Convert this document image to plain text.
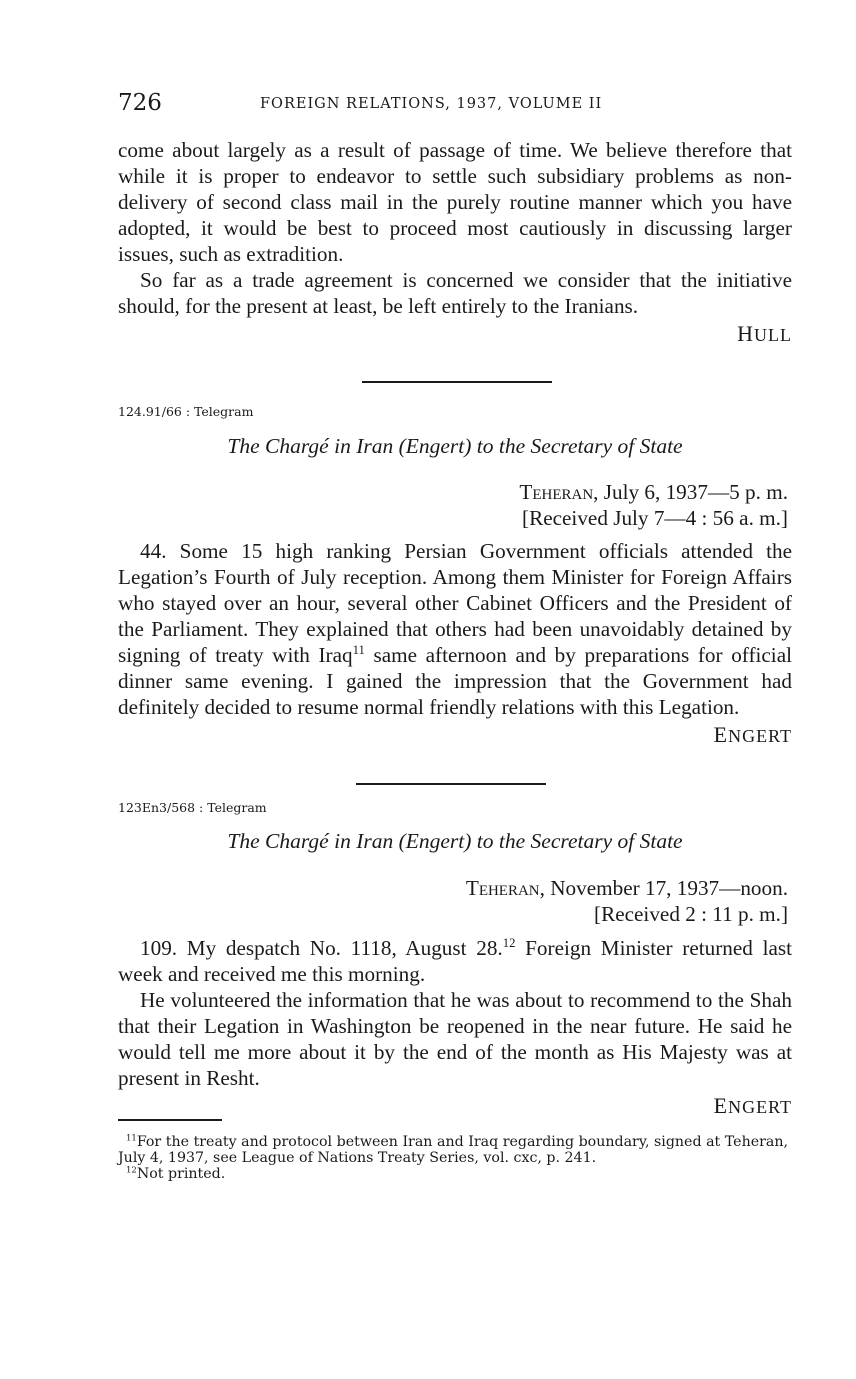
726	FOREIGN RELATIONS, 1937, VOLUME II

come about largely as a result of passage of time. We believe therefore that while it is proper to endeavor to settle such subsidiary problems as non-delivery of second class mail in the purely routine manner which you have adopted, it would be best to proceed most cautiously in discussing larger issues, such as extradition.

So far as a trade agreement is concerned we consider that the initiative should, for the present at least, be left entirely to the Iranians.

HULL
124.91/66 : Telegram
The Chargé in Iran (Engert) to the Secretary of State
Teheran, July 6, 1937—5 p. m.
[Received July 7—4 : 56 a. m.]

44. Some 15 high ranking Persian Government officials attended the Legation’s Fourth of July reception. Among them Minister for Foreign Affairs who stayed over an hour, several other Cabinet Officers and the President of the Parliament. They explained that others had been unavoidably detained by signing of treaty with Iraq$^{11}$ same afternoon and by preparations for official dinner same evening. I gained the impression that the Government had definitely decided to resume normal friendly relations with this Legation.

ENGERT
123En3/568 : Telegram
The Chargé in Iran (Engert) to the Secretary of State
Teheran, November 17, 1937—noon.
[Received 2 : 11 p. m.]

109. My despatch No. 1118, August 28.12 Foreign Minister returned last week and received me this morning.

He volunteered the information that he was about to recommend to the Shah that their Legation in Washington be reopened in the near future. He said he would tell me more about it by the end of the month as His Majesty was at present in Resht.

ENGERT

$^{11}$For the treaty and protocol between Iran and Iraq regarding boundary, signed at Teheran, July 4, 1937, see League of Nations Treaty Series, vol. cxc, p. 241.

$^{12}$Not printed.
